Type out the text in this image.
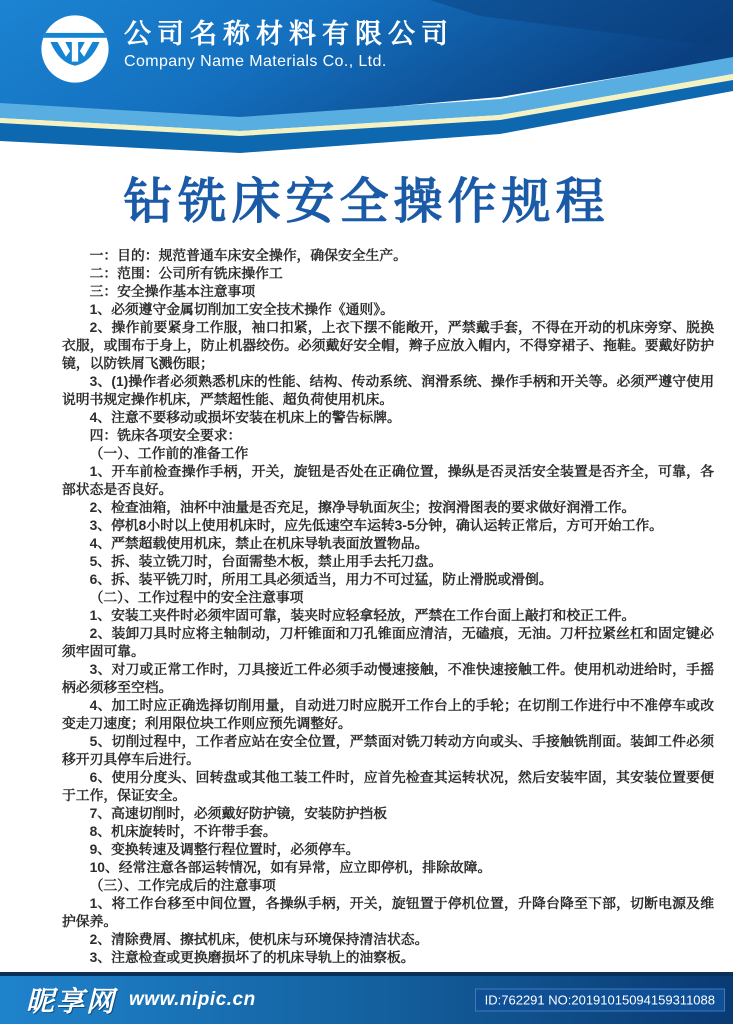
公司名称材料有限公司
Company Name Materials Co., Ltd.
钻铣床安全操作规程

一：目的：规范普通车床安全操作，确保安全生产。

二：范围：公司所有铣床操作工

三：安全操作基本注意事项

1、必须遵守金属切削加工安全技术操作《通则》。

2、操作前要紧身工作服，袖口扣紧，上衣下摆不能敞开，严禁戴手套，不得在开动的机床旁穿、脱换衣服，或围布于身上，防止机器绞伤。必须戴好安全帽，辫子应放入帽内，不得穿裙子、拖鞋。要戴好防护镜，以防铁屑飞溅伤眼；

3、(1)操作者必须熟悉机床的性能、结构、传动系统、润滑系统、操作手柄和开关等。必须严遵守使用说明书规定操作机床，严禁超性能、超负荷使用机床。

4、注意不要移动或损坏安装在机床上的警告标牌。

四：铣床各项安全要求：

（一）、工作前的准备工作

1、开车前检查操作手柄，开关，旋钮是否处在正确位置，操纵是否灵活安全装置是否齐全，可靠，各部状态是否良好。

2、检查油箱，油杯中油量是否充足，擦净导轨面灰尘；按润滑图表的要求做好润滑工作。

3、停机8小时以上使用机床时，应先低速空车运转3-5分钟，确认运转正常后，方可开始工作。

4、严禁超载使用机床，禁止在机床导轨表面放置物品。

5、拆、装立铣刀时，台面需垫木板，禁止用手去托刀盘。

6、拆、装平铣刀时，所用工具必须适当，用力不可过猛，防止滑脱或滑倒。

（二）、工作过程中的安全注意事项

1、安装工夹件时必须牢固可靠，装夹时应轻拿轻放，严禁在工作台面上敲打和校正工件。

2、装卸刀具时应将主轴制动，刀杆锥面和刀孔锥面应清洁，无磕痕，无油。刀杆拉紧丝杠和固定键必须牢固可靠。

3、对刀或正常工作时，刀具接近工件必须手动慢速接触，不准快速接触工件。使用机动进给时，手摇柄必须移至空档。

4、加工时应正确选择切削用量，自动进刀时应脱开工作台上的手轮；在切削工作进行中不准停车或改变走刀速度；利用限位块工作则应预先调整好。

5、切削过程中，工作者应站在安全位置，严禁面对铣刀转动方向或头、手接触铣削面。装卸工件必须移开刃具停车后进行。

6、使用分度头、回转盘或其他工装工件时，应首先检查其运转状况，然后安装牢固，其安装位置要便于工作，保证安全。

7、高速切削时，必须戴好防护镜，安装防护挡板

8、机床旋转时，不许带手套。

9、变换转速及调整行程位置时，必须停车。

10、经常注意各部运转情况，如有异常，应立即停机，排除故障。

（三）、工作完成后的注意事项

1、将工作台移至中间位置，各操纵手柄，开关，旋钮置于停机位置，升降台降至下部，切断电源及维护保养。

2、清除费屑、擦拭机床，使机床与环境保持清洁状态。

3、注意检查或更换磨损坏了的机床导轨上的油察板。

昵享网 www.nipic.cn	ID:762291 NO:20191015094159311088
